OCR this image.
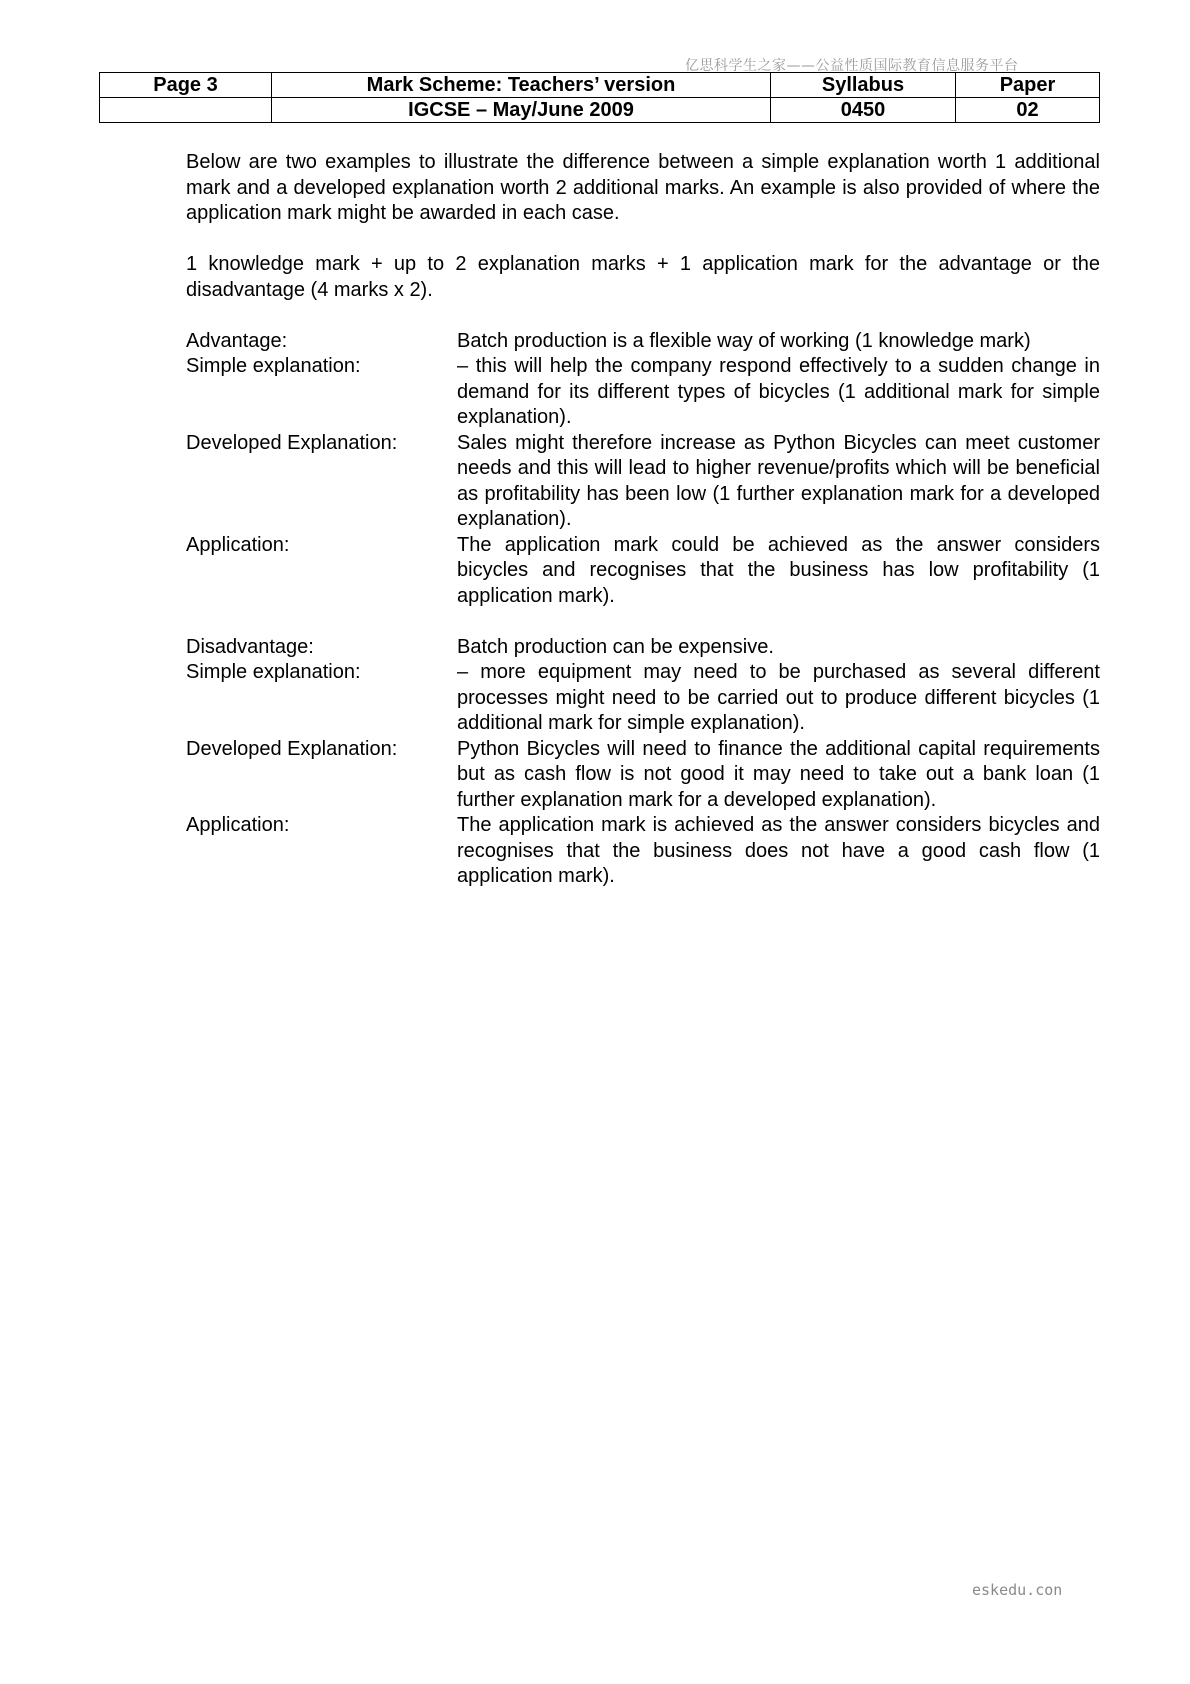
亿思科学生之家——公益性质国际教育信息服务平台
Page 3	Mark Scheme: Teachers’ version	Syllabus	Paper
	IGCSE – May/June 2009	0450	02

Below are two examples to illustrate the difference between a simple explanation worth 1 additional mark and a developed explanation worth 2 additional marks. An example is also provided of where the application mark might be awarded in each case.

1 knowledge mark + up to 2 explanation marks + 1 application mark for the advantage or the disadvantage (4 marks x 2).

Advantage:	Batch production is a flexible way of working (1 knowledge mark)
Simple explanation:	– this will help the company respond effectively to a sudden change in demand for its different types of bicycles (1 additional mark for simple explanation).
Developed Explanation:	Sales might therefore increase as Python Bicycles can meet customer needs and this will lead to higher revenue/profits which will be beneficial as profitability has been low (1 further explanation mark for a developed explanation).
Application:	The application mark could be achieved as the answer considers bicycles and recognises that the business has low profitability (1 application mark).
Disadvantage:	Batch production can be expensive.
Simple explanation:	– more equipment may need to be purchased as several different processes might need to be carried out to produce different bicycles (1 additional mark for simple explanation).
Developed Explanation:	Python Bicycles will need to finance the additional capital requirements but as cash flow is not good it may need to take out a bank loan (1 further explanation mark for a developed explanation).
Application:	The application mark is achieved as the answer considers bicycles and recognises that the business does not have a good cash flow (1 application mark).
eskedu.con
